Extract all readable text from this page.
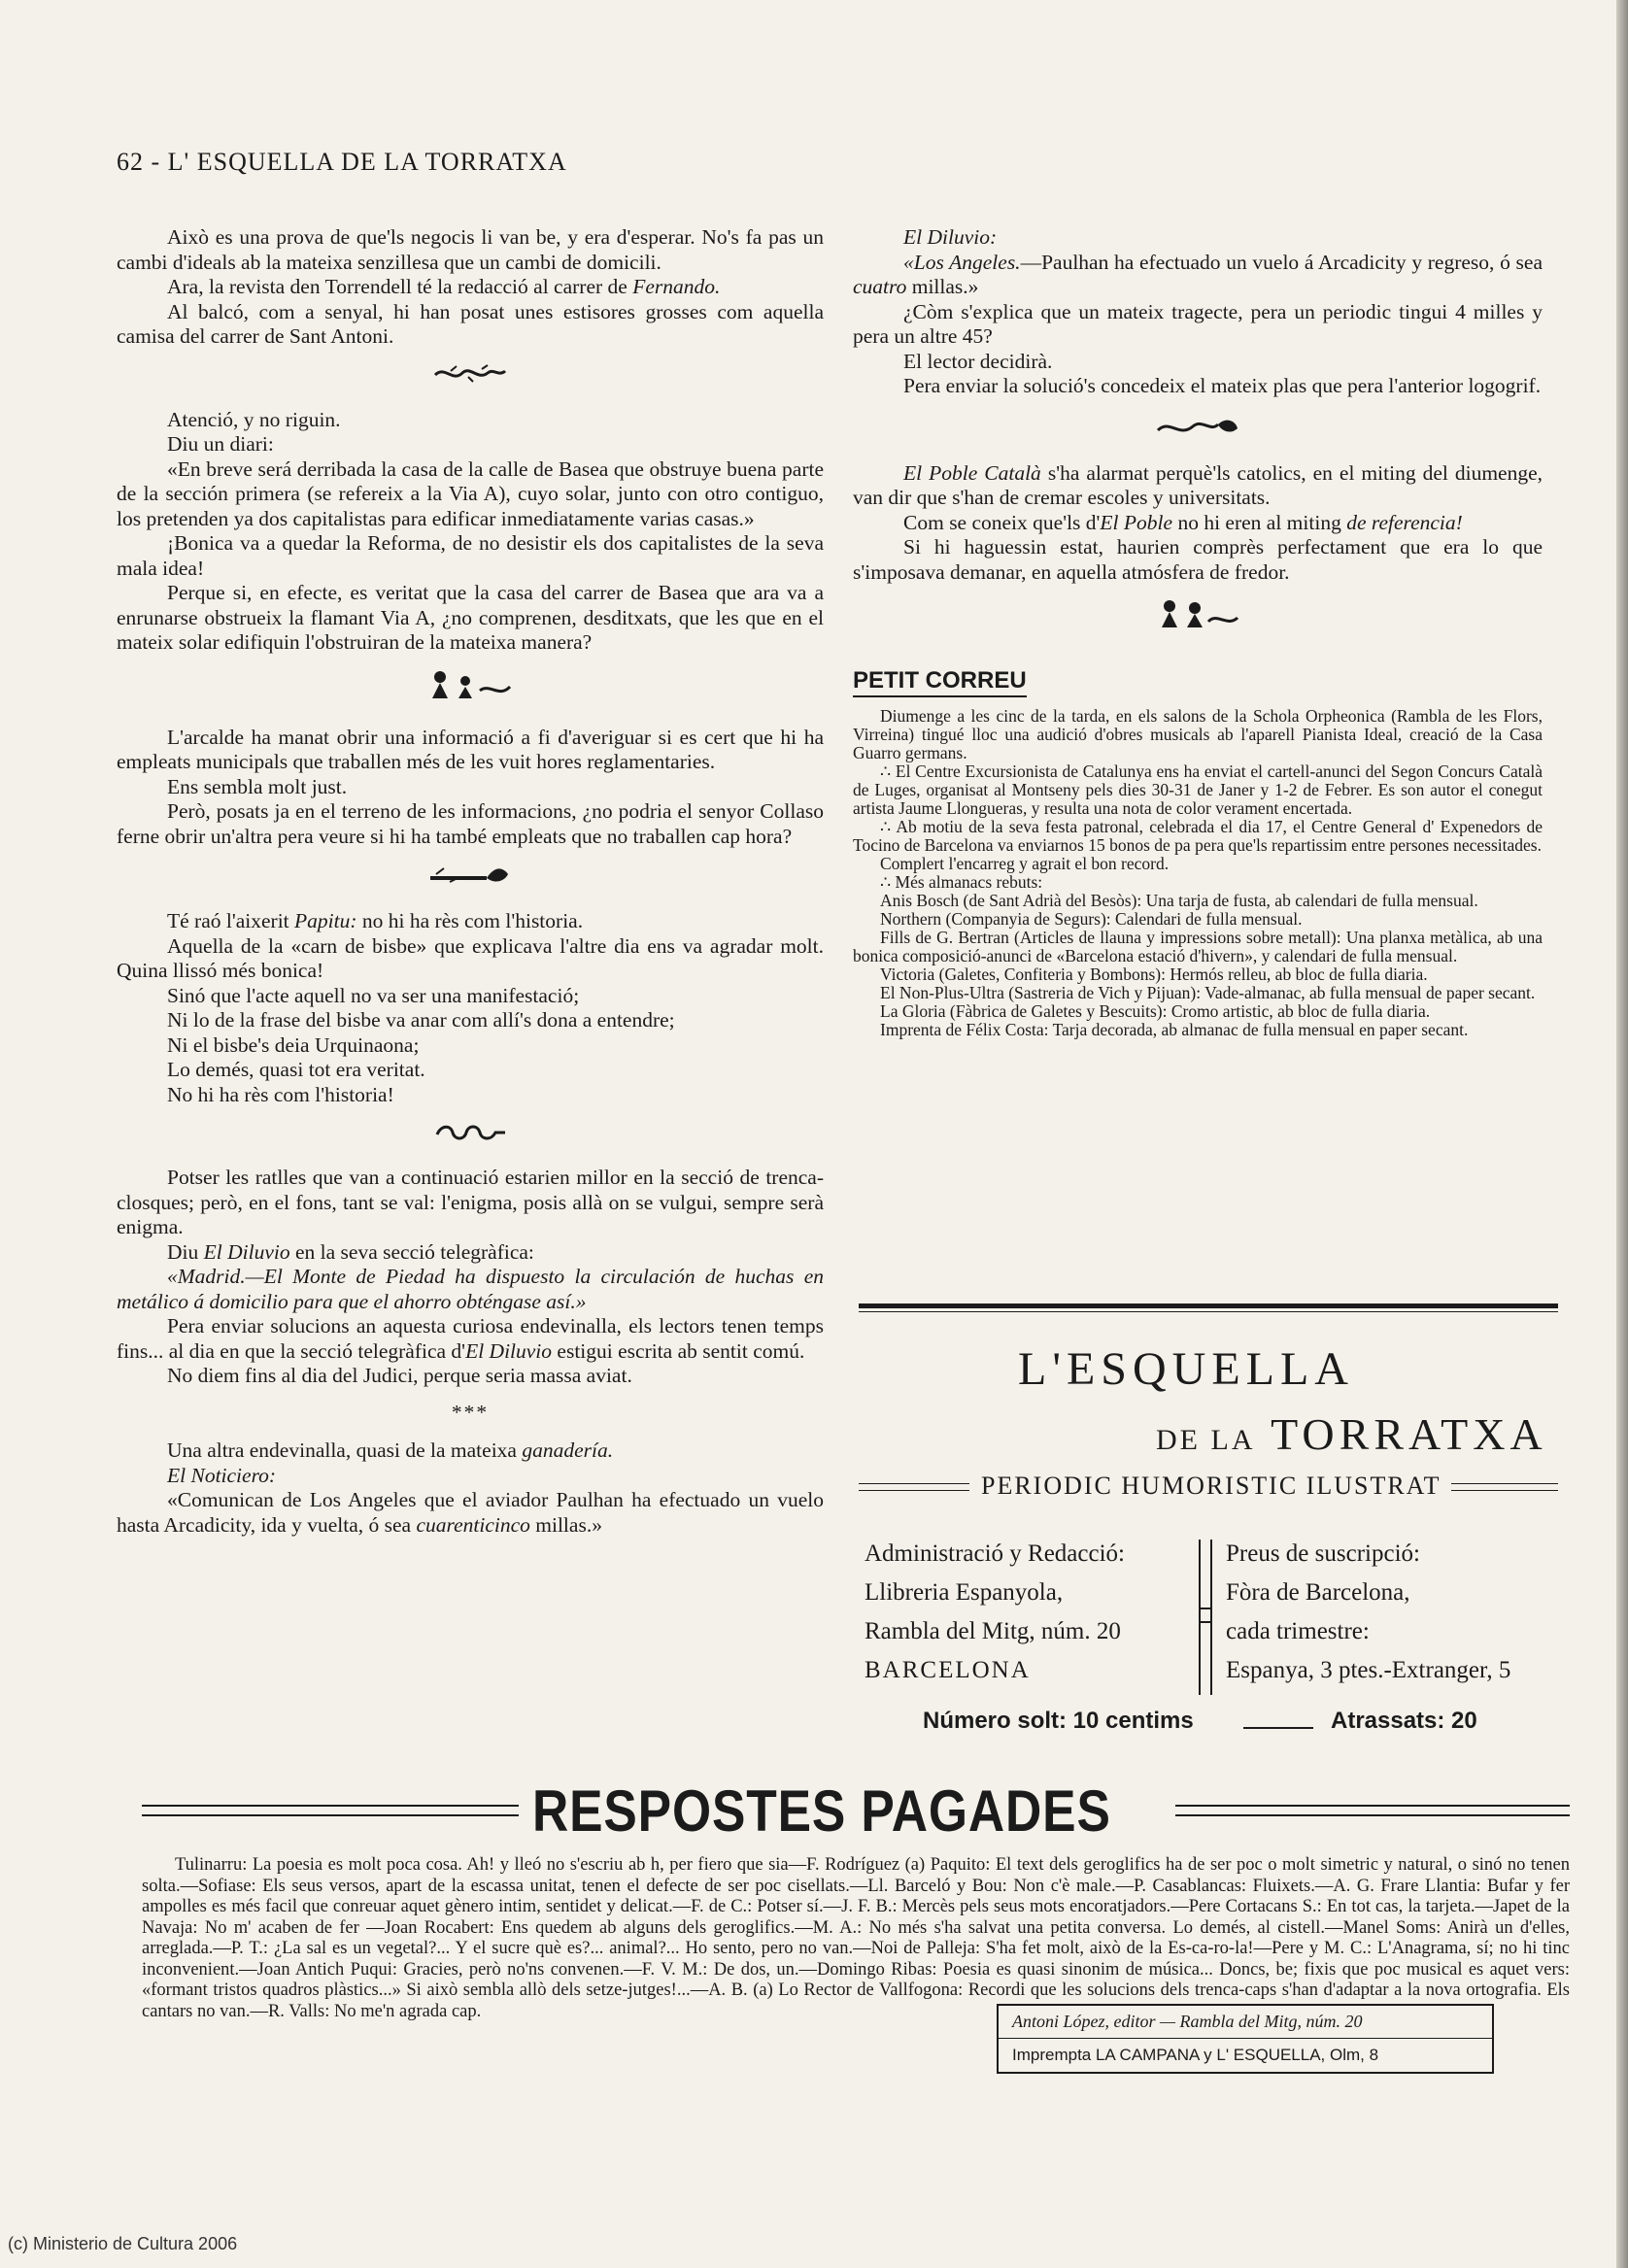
62 - L' ESQUELLA DE LA TORRATXA

Això es una prova de que'ls negocis li van be, y era d'esperar. No's fa pas un cambi d'ideals ab la mateixa senzillesa que un cambi de domicili.

Ara, la revista den Torrendell té la redacció al carrer de Fernando.

Al balcó, com a senyal, hi han posat unes estisores grosses com aquella camisa del carrer de Sant Antoni.

Atenció, y no riguin.

Diu un diari:

«En breve será derribada la casa de la calle de Basea que obstruye buena parte de la sección primera (se refereix a la Via A), cuyo solar, junto con otro contiguo, los pretenden ya dos capitalistas para edificar inmediatamente varias casas.»

¡Bonica va a quedar la Reforma, de no desistir els dos capitalistes de la seva mala idea!

Perque si, en efecte, es veritat que la casa del carrer de Basea que ara va a enrunarse obstrueix la flamant Via A, ¿no comprenen, desditxats, que les que en el mateix solar edifiquin l'obstruiran de la mateixa manera?

L'arcalde ha manat obrir una informació a fi d'averiguar si es cert que hi ha empleats municipals que traballen més de les vuit hores reglamentaries.

Ens sembla molt just.

Però, posats ja en el terreno de les informacions, ¿no podria el senyor Collaso ferne obrir un'altra pera veure si hi ha també empleats que no traballen cap hora?

Té raó l'aixerit Papitu: no hi ha rès com l'historia.

Aquella de la «carn de bisbe» que explicava l'altre dia ens va agradar molt. Quina llissó més bonica!

Sinó que l'acte aquell no va ser una manifestació;

Ni lo de la frase del bisbe va anar com allí's dona a entendre;

Ni el bisbe's deia Urquinaona;

Lo demés, quasi tot era veritat.

No hi ha rès com l'historia!

Potser les ratlles que van a continuació estarien millor en la secció de trenca-closques; però, en el fons, tant se val: l'enigma, posis allà on se vulgui, sempre serà enigma.

Diu El Diluvio en la seva secció telegràfica:

«Madrid.—El Monte de Piedad ha dispuesto la circulación de huchas en metálico á domicilio para que el ahorro obténgase así.»

Pera enviar solucions an aquesta curiosa endevinalla, els lectors tenen temps fins... al dia en que la secció telegràfica d'El Diluvio estigui escrita ab sentit comú.

No diem fins al dia del Judici, perque seria massa aviat.

***

Una altra endevinalla, quasi de la mateixa ganadería.

El Noticiero:

«Comunican de Los Angeles que el aviador Paulhan ha efectuado un vuelo hasta Arcadicity, ida y vuelta, ó sea cuarenticinco millas.»

El Diluvio:

«Los Angeles.—Paulhan ha efectuado un vuelo á Arcadicity y regreso, ó sea cuatro millas.»

¿Còm s'explica que un mateix tragecte, pera un periodic tingui 4 milles y pera un altre 45?

El lector decidirà.

Pera enviar la solució's concedeix el mateix plas que pera l'anterior logogrif.

El Poble Català s'ha alarmat perquè'ls catolics, en el miting del diumenge, van dir que s'han de cremar escoles y universitats.

Com se coneix que'ls d'El Poble no hi eren al miting de referencia!

Si hi haguessin estat, haurien comprès perfectament que era lo que s'imposava demanar, en aquella atmósfera de fredor.

PETIT CORREU

Diumenge a les cinc de la tarda, en els salons de la Schola Orpheonica (Rambla de les Flors, Virreina) tingué lloc una audició d'obres musicals ab l'aparell Pianista Ideal, creació de la Casa Guarro germans.

∴ El Centre Excursionista de Catalunya ens ha enviat el cartell-anunci del Segon Concurs Català de Luges, organisat al Montseny pels dies 30-31 de Janer y 1-2 de Febrer. Es son autor el conegut artista Jaume Llongueras, y resulta una nota de color verament encertada.

∴ Ab motiu de la seva festa patronal, celebrada el dia 17, el Centre General d' Expenedors de Tocino de Barcelona va enviarnos 15 bonos de pa pera que'ls repartissim entre persones necessitades.

Complert l'encarreg y agrait el bon record.

∴ Més almanacs rebuts:

Anis Bosch (de Sant Adrià del Besòs): Una tarja de fusta, ab calendari de fulla mensual.

Northern (Companyia de Segurs): Calendari de fulla mensual.

Fills de G. Bertran (Articles de llauna y impressions sobre metall): Una planxa metàlica, ab una bonica composició-anunci de «Barcelona estació d'hivern», y calendari de fulla mensual.

Victoria (Galetes, Confiteria y Bombons): Hermós relleu, ab bloc de fulla diaria.

El Non-Plus-Ultra (Sastreria de Vich y Pijuan): Vade-almanac, ab fulla mensual de paper secant.

La Gloria (Fàbrica de Galetes y Bescuits): Cromo artistic, ab bloc de fulla diaria.

Imprenta de Félix Costa: Tarja decorada, ab almanac de fulla mensual en paper secant.

L'ESQUELLA
DE LA TORRATXA
PERIODIC HUMORISTIC ILUSTRAT
Administració y Redacció:
Llibreria Espanyola,
Rambla del Mitg, núm. 20
BARCELONA
Preus de suscripció:
Fòra de Barcelona,
cada trimestre:
Espanya, 3 ptes.-Extranger, 5
Número solt: 10 centims	Atrassats: 20
RESPOSTES PAGADES

Tulinarru: La poesia es molt poca cosa. Ah! y lleó no s'escriu ab h, per fiero que sia—F. Rodríguez (a) Paquito: El text dels geroglifics ha de ser poc o molt simetric y natural, o sinó no tenen solta.—Sofiase: Els seus versos, apart de la escassa unitat, tenen el defecte de ser poc cisellats.—Ll. Barceló y Bou: Non c'è male.—P. Casablancas: Fluixets.—A. G. Frare Llantia: Bufar y fer ampolles es més facil que conreuar aquet gènero intim, sentidet y delicat.—F. de C.: Potser sí.—J. F. B.: Mercès pels seus mots encoratjadors.—Pere Cortacans S.: En tot cas, la tarjeta.—Japet de la Navaja: No m' acaben de fer —Joan Rocabert: Ens quedem ab alguns dels geroglifics.—M. A.: No més s'ha salvat una petita conversa. Lo demés, al cistell.—Manel Soms: Anirà un d'elles, arreglada.—P. T.: ¿La sal es un vegetal?... Y el sucre què es?... animal?... Ho sento, pero no van.—Noi de Palleja: S'ha fet molt, això de la Es-ca-ro-la!—Pere y M. C.: L'Anagrama, sí; no hi tinc inconvenient.—Joan Antich Puqui: Gracies, però no'ns convenen.—F. V. M.: De dos, un.—Domingo Ribas: Poesia es quasi sinonim de música... Doncs, be; fixis que poc musical es aquet vers: «formant tristos quadros plàstics...» Si això sembla allò dels setze-jutges!...—A. B. (a) Lo Rector de Vallfogona: Recordi que les solucions dels trenca-caps s'han d'adaptar a la nova ortografia. Els cantars no van.—R. Valls: No me'n agrada cap.

Antoni López, editor — Rambla del Mitg, núm. 20
Imprempta LA CAMPANA y L' ESQUELLA, Olm, 8
(c) Ministerio de Cultura 2006
